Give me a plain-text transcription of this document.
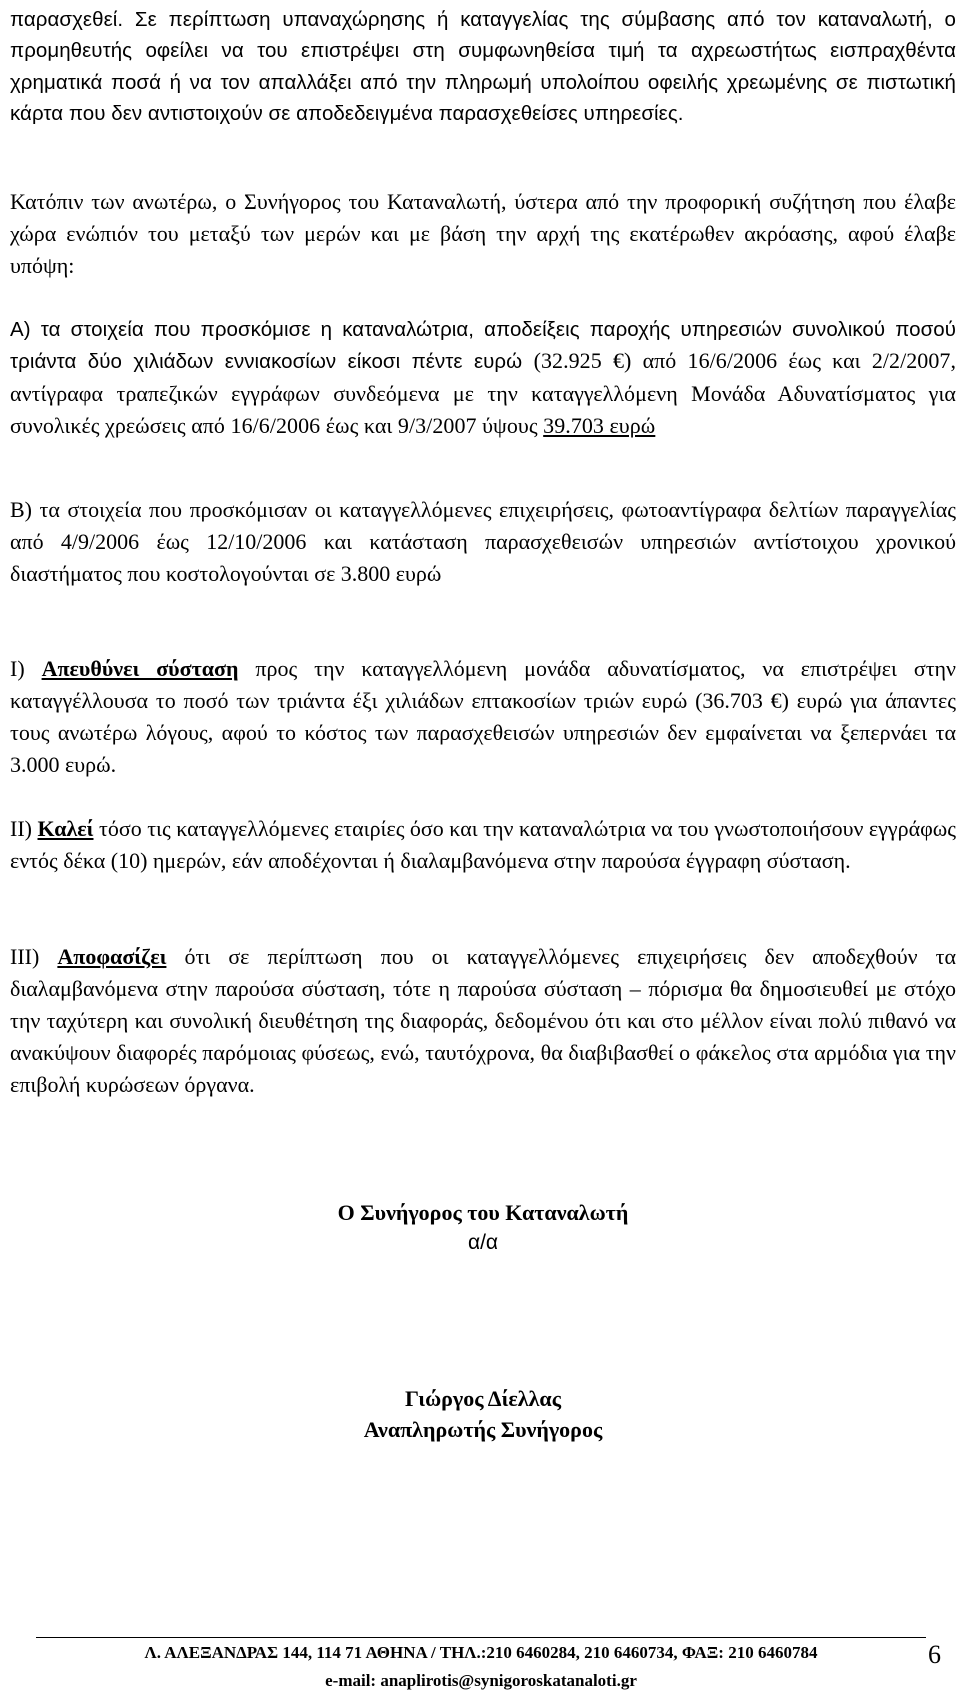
παρασχεθεί. Σε περίπτωση υπαναχώρησης ή καταγγελίας της σύμβασης από τον καταναλωτή, ο προμηθευτής οφείλει να του επιστρέψει στη συμφωνηθείσα τιμή τα αχρεωστήτως εισπραχθέντα χρηματικά ποσά ή να τον απαλλάξει από την πληρωμή υπολοίπου οφειλής χρεωμένης σε πιστωτική κάρτα που δεν αντιστοιχούν σε αποδεδειγμένα παρασχεθείσες υπηρεσίες.

Κατόπιν των ανωτέρω, ο Συνήγορος του Καταναλωτή, ύστερα από την προφορική συζήτηση που έλαβε χώρα ενώπιόν του μεταξύ των μερών και με βάση την αρχή της εκατέρωθεν ακρόασης, αφού έλαβε υπόψη:

Α) τα στοιχεία που προσκόμισε η καταναλώτρια, αποδείξεις παροχής υπηρεσιών συνολικού ποσού τριάντα δύο χιλιάδων εννιακοσίων είκοσι πέντε ευρώ (32.925 €) από 16/6/2006 έως και 2/2/2007, αντίγραφα τραπεζικών εγγράφων συνδεόμενα με την καταγγελλόμενη Μονάδα Αδυνατίσματος για συνολικές χρεώσεις από 16/6/2006 έως και 9/3/2007 ύψους 39.703 ευρώ

Β) τα στοιχεία που προσκόμισαν οι καταγγελλόμενες επιχειρήσεις, φωτοαντίγραφα δελτίων παραγγελίας από 4/9/2006 έως 12/10/2006 και κατάσταση παρασχεθεισών υπηρεσιών αντίστοιχου χρονικού διαστήματος που κοστολογούνται σε 3.800 ευρώ

Ι) Απευθύνει σύσταση προς την καταγγελλόμενη μονάδα αδυνατίσματος, να επιστρέψει στην καταγγέλλουσα το ποσό των τριάντα έξι χιλιάδων επτακοσίων τριών ευρώ (36.703 €) ευρώ για άπαντες τους ανωτέρω λόγους, αφού το κόστος των παρασχεθεισών υπηρεσιών δεν εμφαίνεται να ξεπερνάει τα 3.000 ευρώ.

ΙΙ) Καλεί τόσο τις καταγγελλόμενες εταιρίες όσο και την καταναλώτρια να του γνωστοποιήσουν εγγράφως εντός δέκα (10) ημερών, εάν αποδέχονται ή διαλαμβανόμενα στην παρούσα έγγραφη σύσταση.

ΙΙΙ) Αποφασίζει ότι σε περίπτωση που οι καταγγελλόμενες επιχειρήσεις δεν αποδεχθούν τα διαλαμβανόμενα στην παρούσα σύσταση, τότε η παρούσα σύσταση – πόρισμα θα δημοσιευθεί με στόχο την ταχύτερη και συνολική διευθέτηση της διαφοράς, δεδομένου ότι και στο μέλλον είναι πολύ πιθανό να ανακύψουν διαφορές παρόμοιας φύσεως, ενώ, ταυτόχρονα, θα διαβιβασθεί ο φάκελος στα αρμόδια για την επιβολή κυρώσεων όργανα.

Ο Συνήγορος του Καταναλωτή
α/α
Γιώργος Δίελλας
Αναπληρωτής Συνήγορος
Λ. ΑΛΕΞΑΝΔΡΑΣ 144, 114 71 ΑΘΗΝΑ / ΤΗΛ.:210 6460284, 210 6460734, ΦΑΞ: 210 6460784
e-mail: anaplirotis@synigoroskatanaloti.gr
6
